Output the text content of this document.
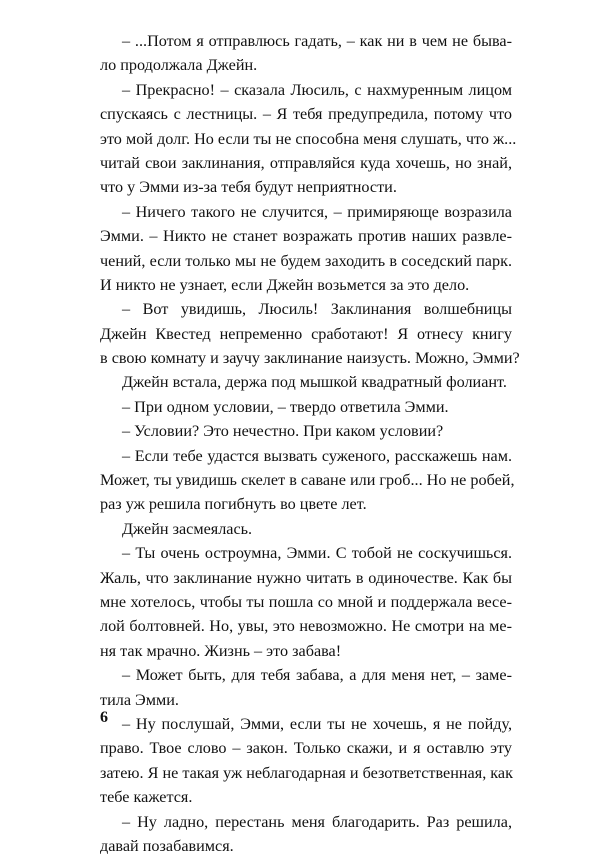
– ...Потом я отправлюсь гадать, – как ни в чем не быва-
ло продолжала Джейн.
– Прекрасно! – сказала Люсиль, с нахмуренным лицом
спускаясь с лестницы. – Я тебя предупредила, потому что
это мой долг. Но если ты не способна меня слушать, что ж...
читай свои заклинания, отправляйся куда хочешь, но знай,
что у Эмми из-за тебя будут неприятности.
– Ничего такого не случится, – примиряюще возразила
Эмми. – Никто не станет возражать против наших развле-
чений, если только мы не будем заходить в соседский парк.
И никто не узнает, если Джейн возьмется за это дело.
– Вот увидишь, Люсиль! Заклинания волшебницы
Джейн Квестед непременно сработают! Я отнесу книгу
в свою комнату и заучу заклинание наизусть. Можно, Эмми?
Джейн встала, держа под мышкой квадратный фолиант.
– При одном условии, – твердо ответила Эмми.
– Условии? Это нечестно. При каком условии?
– Если тебе удастся вызвать суженого, расскажешь нам.
Может, ты увидишь скелет в саване или гроб... Но не робей,
раз уж решила погибнуть во цвете лет.
Джейн засмеялась.
– Ты очень остроумна, Эмми. С тобой не соскучишься.
Жаль, что заклинание нужно читать в одиночестве. Как бы
мне хотелось, чтобы ты пошла со мной и поддержала весе-
лой болтовней. Но, увы, это невозможно. Не смотри на ме-
ня так мрачно. Жизнь – это забава!
– Может быть, для тебя забава, а для меня нет, – заме-
тила Эмми.
– Ну послушай, Эмми, если ты не хочешь, я не пойду,
право. Твое слово – закон. Только скажи, и я оставлю эту
затею. Я не такая уж неблагодарная и безответственная, как
тебе кажется.
– Ну ладно, перестань меня благодарить. Раз решила,
давай позабавимся.
6
